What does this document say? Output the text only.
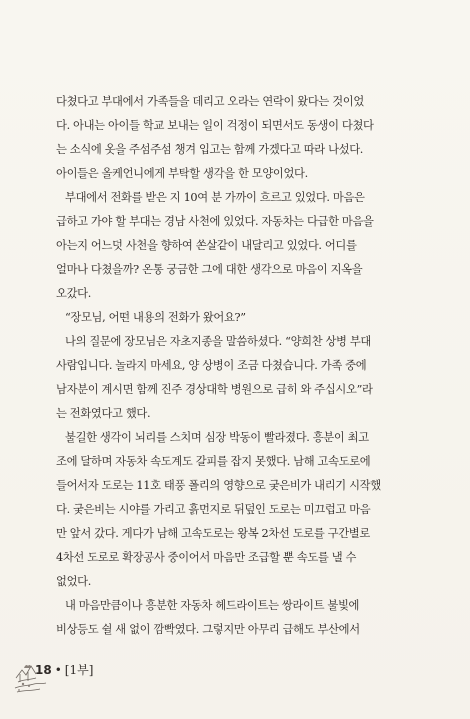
다쳤다고 부대에서 가족들을 데리고 오라는 연락이 왔다는 것이었
다. 아내는 아이들 학교 보내는 일이 걱정이 되면서도 동생이 다쳤다
는 소식에 옷을 주섬주섬 챙겨 입고는 함께 가겠다고 따라 나섰다.
아이들은 올케언니에게 부탁할 생각을 한 모양이었다.
부대에서 전화를 받은 지 10여 분 가까이 흐르고 있었다. 마음은
급하고 가야 할 부대는 경남 사천에 있었다. 자동차는 다급한 마음을
아는지 어느덧 사천을 향하여 쏜살같이 내달리고 있었다. 어디를
얼마나 다쳤을까? 온통 궁금한 그에 대한 생각으로 마음이 지옥을
오갔다.
“장모님, 어떤 내용의 전화가 왔어요?”
나의 질문에 장모님은 자초지종을 말씀하셨다. “양희찬 상병 부대
사람입니다. 놀라지 마세요, 양 상병이 조금 다쳤습니다. 가족 중에
남자분이 계시면 함께 진주 경상대학 병원으로 급히 와 주십시오”라
는 전화였다고 했다.
불길한 생각이 뇌리를 스치며 심장 박동이 빨라졌다. 흥분이 최고
조에 달하며 자동차 속도계도 갈피를 잡지 못했다. 남해 고속도로에
들어서자 도로는 11호 태풍 폴리의 영향으로 궂은비가 내리기 시작했
다. 궂은비는 시야를 가리고 흙먼지로 뒤덮인 도로는 미끄럽고 마음
만 앞서 갔다. 게다가 남해 고속도로는 왕복 2차선 도로를 구간별로
4차선 도로로 확장공사 중이어서 마음만 조급할 뿐 속도를 낼 수
없었다.
내 마음만큼이나 흥분한 자동차 헤드라이트는 쌍라이트 불빛에
비상등도 쉴 새 없이 깜빡였다. 그렇지만 아무리 급해도 부산에서
18 • [1부]
